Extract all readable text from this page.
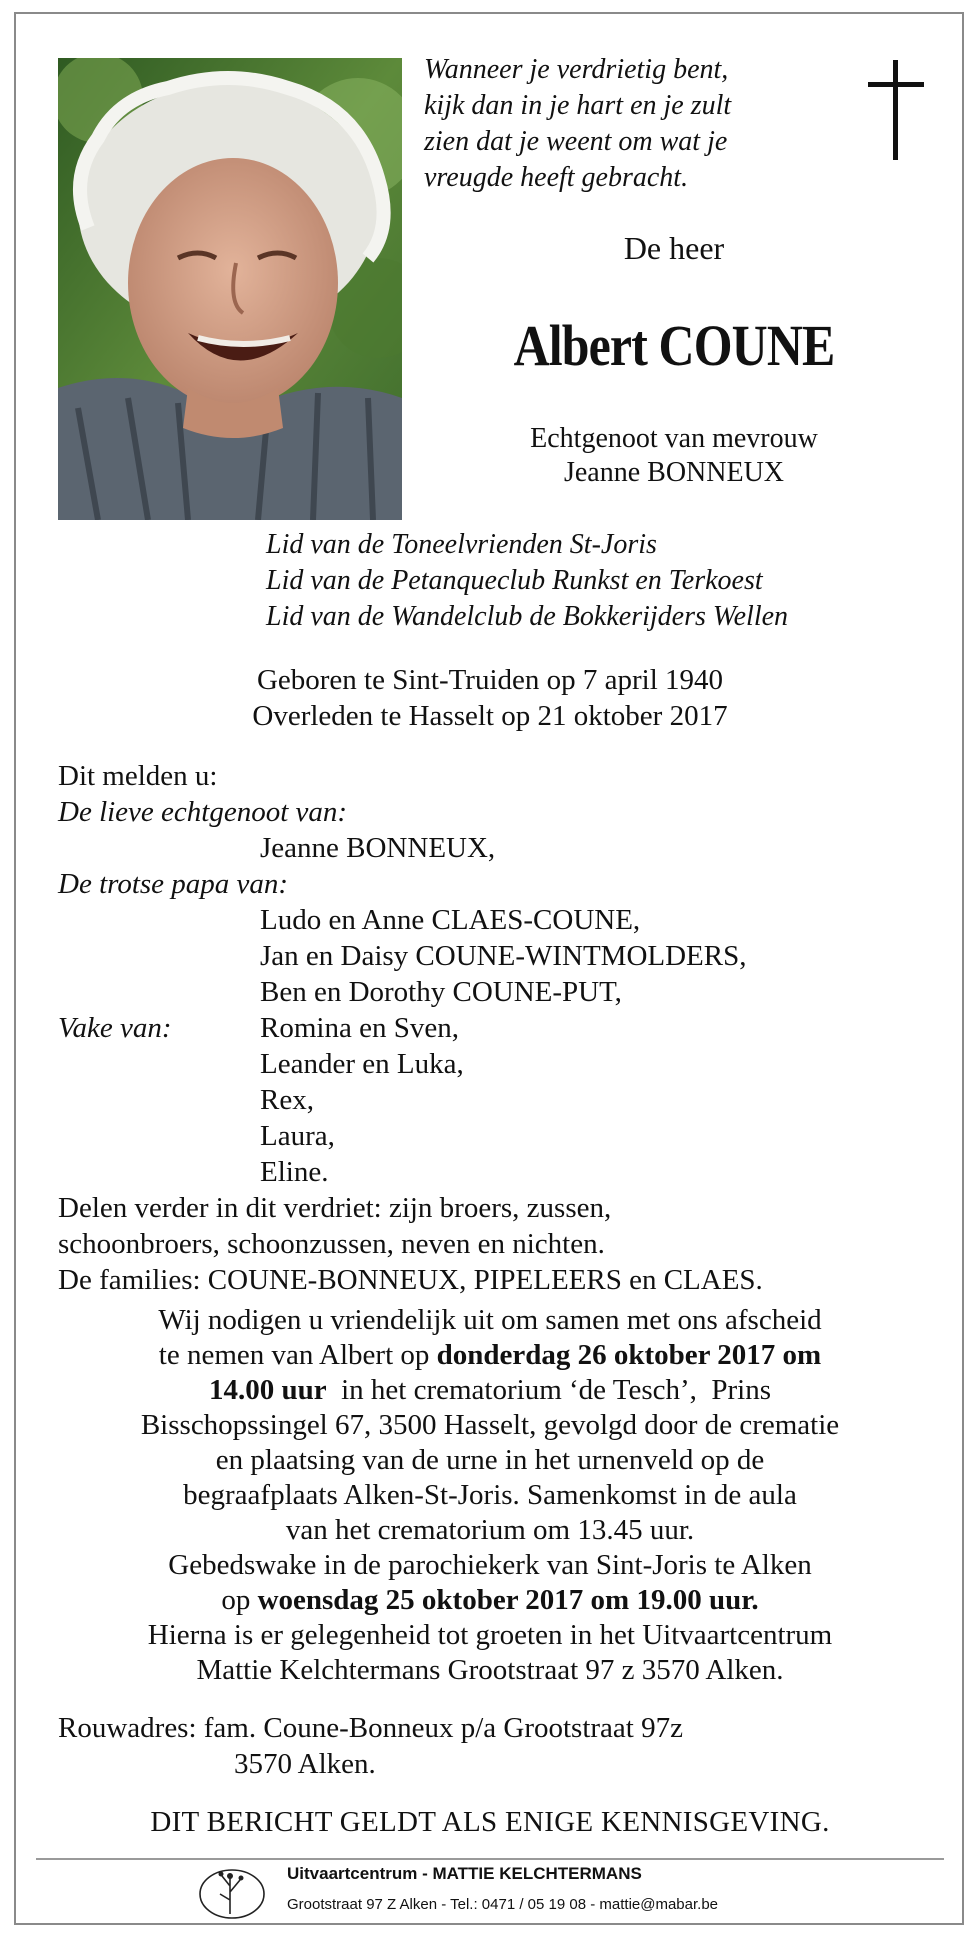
Wanneer je verdrietig bent,
kijk dan in je hart en je zult
zien dat je weent om wat je
vreugde heeft gebracht.
De heer
Albert COUNE
Echtgenoot van mevrouw
Jeanne BONNEUX
Lid van de Toneelvrienden St-Joris
Lid van de Petanqueclub Runkst en Terkoest
Lid van de Wandelclub de Bokkerijders Wellen
Geboren te Sint-Truiden op 7 april 1940
Overleden te Hasselt op 21 oktober 2017
Dit melden u:
De lieve echtgenoot van:
Jeanne BONNEUX,
De trotse papa van:
Ludo en Anne CLAES-COUNE,
Jan en Daisy COUNE-WINTMOLDERS,
Ben en Dorothy COUNE-PUT,
Vake van:	Romina en Sven,
Leander en Luka,
Rex,
Laura,
Eline.
Delen verder in dit verdriet: zijn broers, zussen,
schoonbroers, schoonzussen, neven en nichten.
De families: COUNE-BONNEUX, PIPELEERS en CLAES.
Wij nodigen u vriendelijk uit om samen met ons afscheid
te nemen van Albert op donderdag 26 oktober 2017 om
14.00 uur  in het crematorium ‘de Tesch’,  Prins
Bisschopssingel 67, 3500 Hasselt, gevolgd door de crematie
en plaatsing van de urne in het urnenveld op de
begraafplaats Alken-St-Joris. Samenkomst in de aula
van het crematorium om 13.45 uur.
Gebedswake in de parochiekerk van Sint-Joris te Alken
op woensdag 25 oktober 2017 om 19.00 uur.
Hierna is er gelegenheid tot groeten in het Uitvaartcentrum
Mattie Kelchtermans Grootstraat 97 z 3570 Alken.
Rouwadres: fam. Coune-Bonneux p/a Grootstraat 97z
3570 Alken.
DIT BERICHT GELDT ALS ENIGE KENNISGEVING.
Uitvaartcentrum - MATTIE KELCHTERMANS
Grootstraat 97 Z Alken - Tel.: 0471 / 05 19 08 - mattie@mabar.be
